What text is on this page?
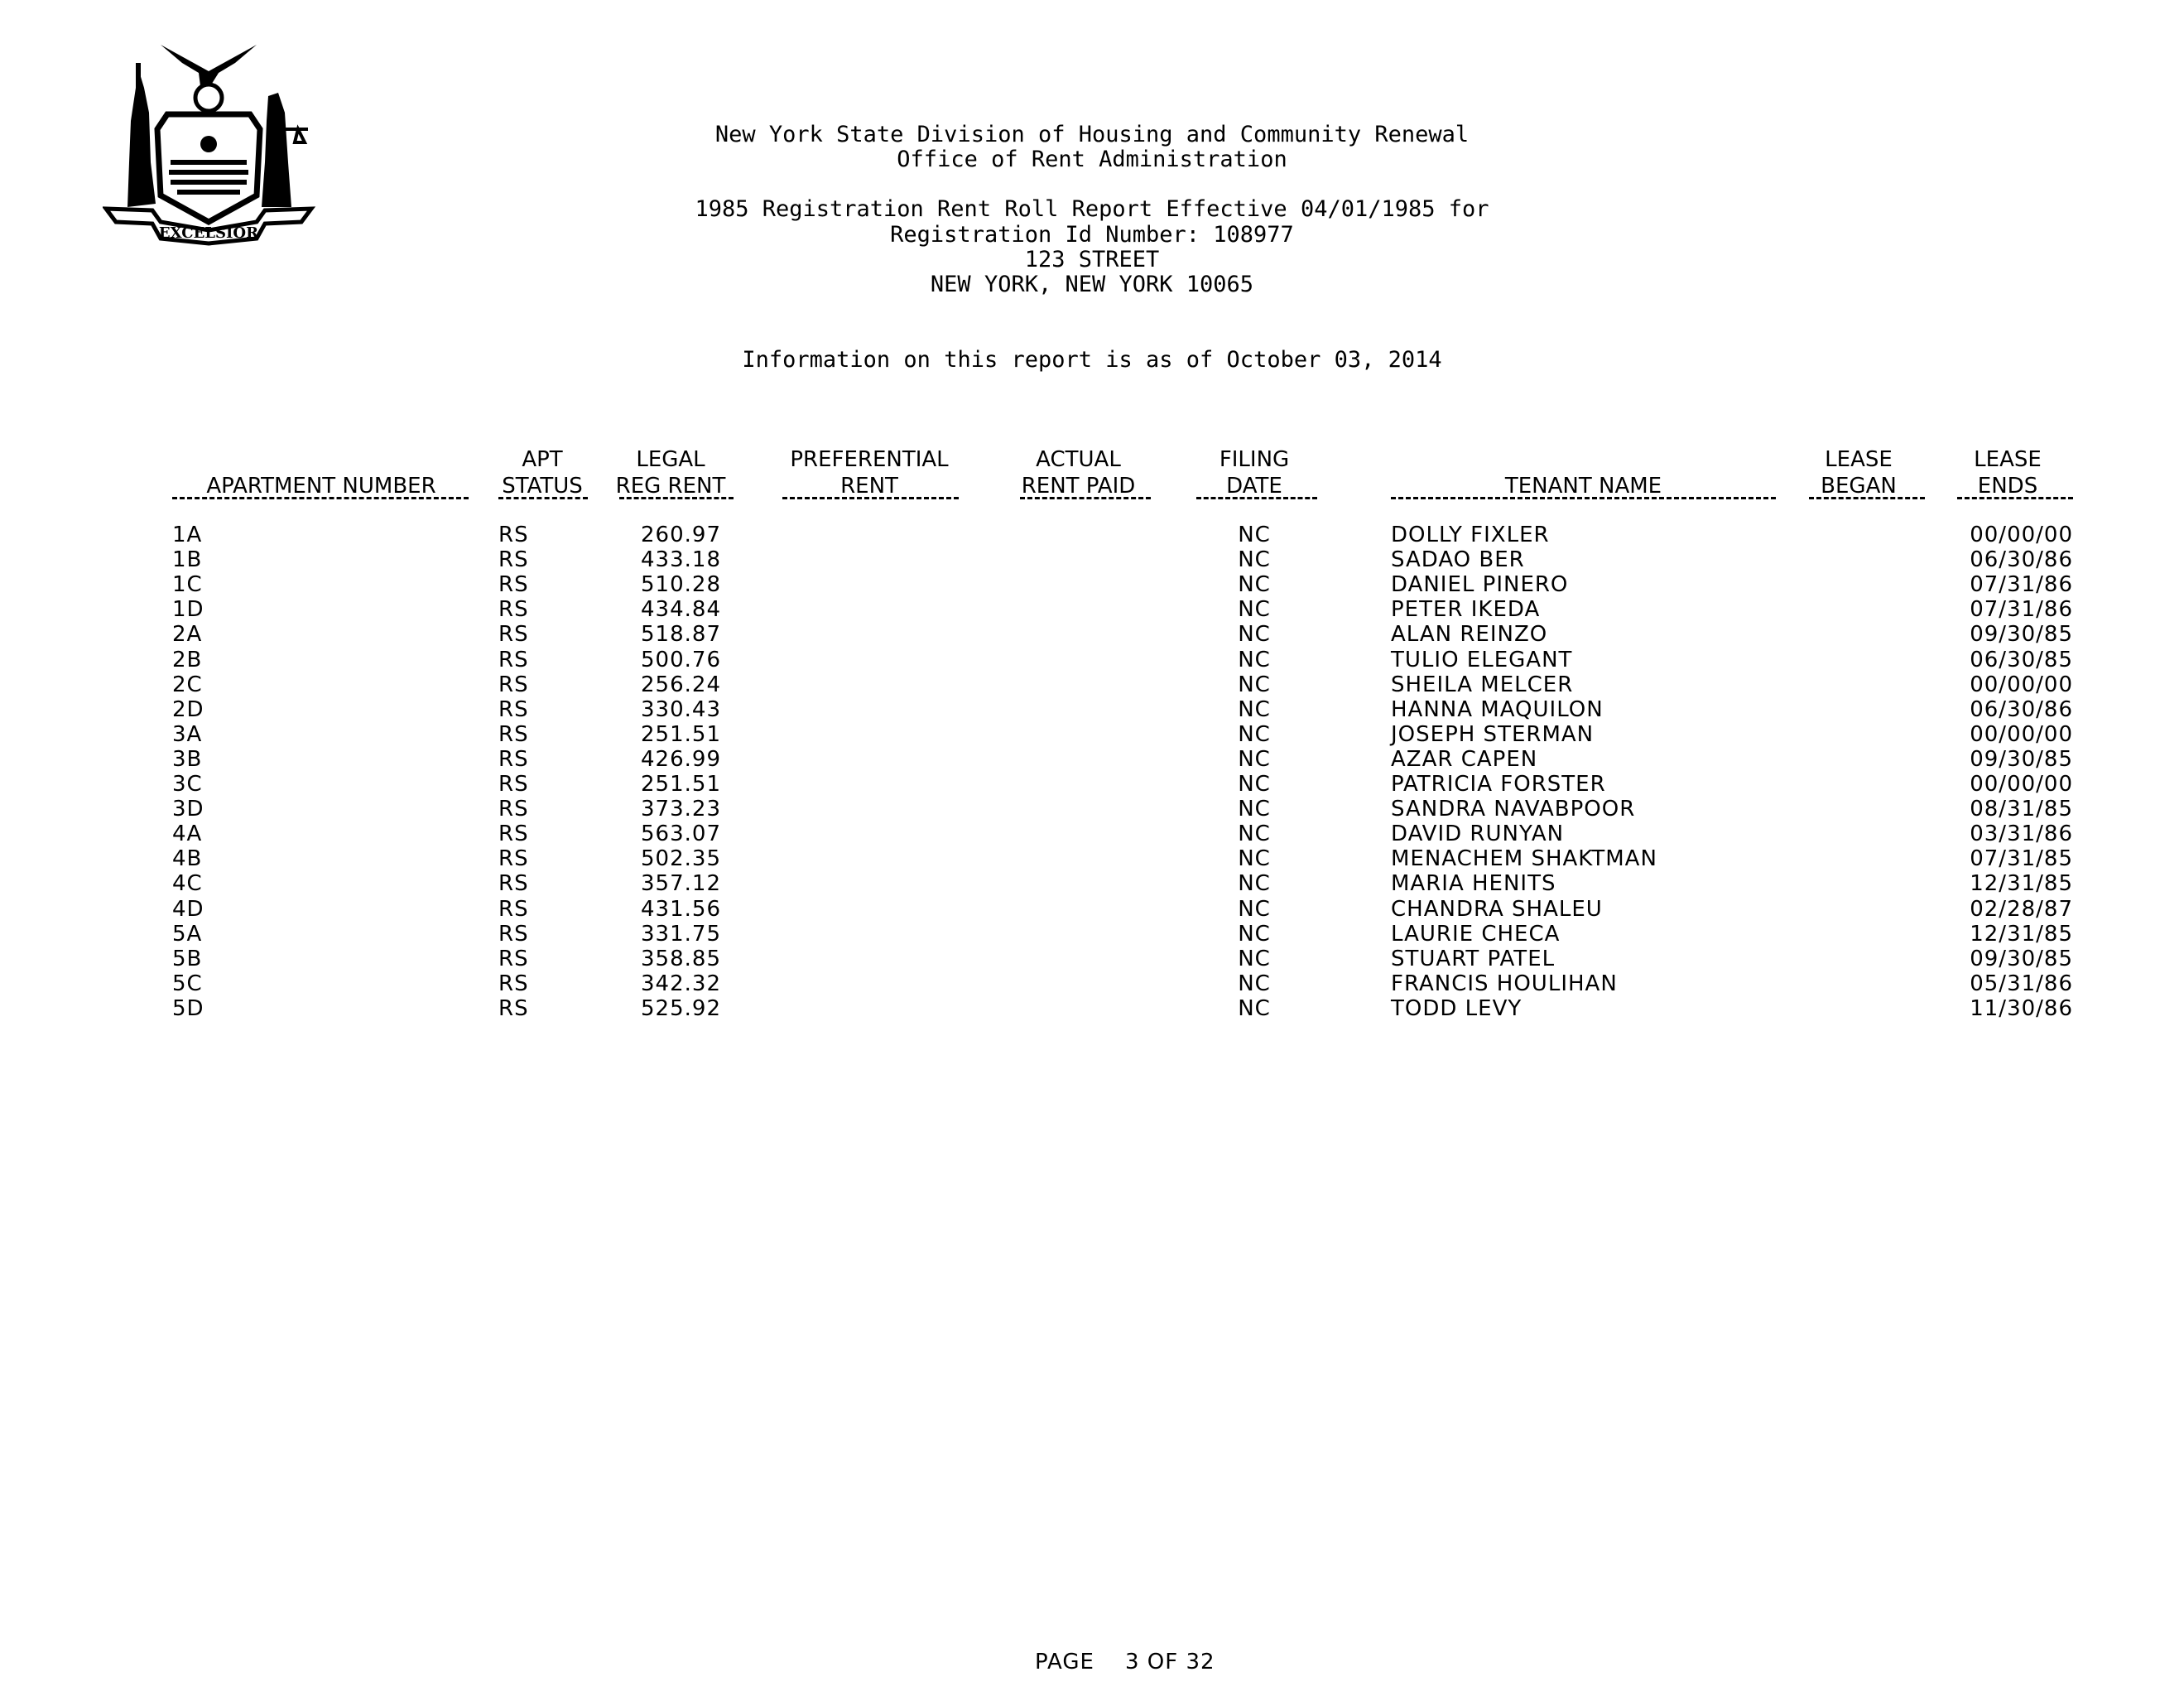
EXCELSIOR
New York State Division of Housing and Community Renewal
Office of Rent Administration
1985 Registration Rent Roll Report Effective 04/01/1985 for
Registration Id Number: 108977
123 STREET
NEW YORK, NEW YORK 10065
Information on this report is as of October 03, 2014

APARTMENT NUMBER
APT
STATUS
LEGAL
REG RENT
PREFERENTIAL
RENT
ACTUAL
RENT PAID
FILING
DATE
	TENANT NAME
LEASE
BEGAN
LEASE
ENDS
1A	RS	260.97	NC	DOLLY FIXLER	00/00/00
1B	RS	433.18	NC	SADAO BER	06/30/86
1C	RS	510.28	NC	DANIEL PINERO	07/31/86
1D	RS	434.84	NC	PETER IKEDA	07/31/86
2A	RS	518.87	NC	ALAN REINZO	09/30/85
2B	RS	500.76	NC	TULIO ELEGANT	06/30/85
2C	RS	256.24	NC	SHEILA MELCER	00/00/00
2D	RS	330.43	NC	HANNA MAQUILON	06/30/86
3A	RS	251.51	NC	JOSEPH STERMAN	00/00/00
3B	RS	426.99	NC	AZAR CAPEN	09/30/85
3C	RS	251.51	NC	PATRICIA FORSTER	00/00/00
3D	RS	373.23	NC	SANDRA NAVABPOOR	08/31/85
4A	RS	563.07	NC	DAVID RUNYAN	03/31/86
4B	RS	502.35	NC	MENACHEM SHAKTMAN	07/31/85
4C	RS	357.12	NC	MARIA HENITS	12/31/85
4D	RS	431.56	NC	CHANDRA SHALEU	02/28/87
5A	RS	331.75	NC	LAURIE CHECA	12/31/85
5B	RS	358.85	NC	STUART PATEL	09/30/85
5C	RS	342.32	NC	FRANCIS HOULIHAN	05/31/86
5D	RS	525.92	NC	TODD LEVY	11/30/86
PAGE 3 OF 32
